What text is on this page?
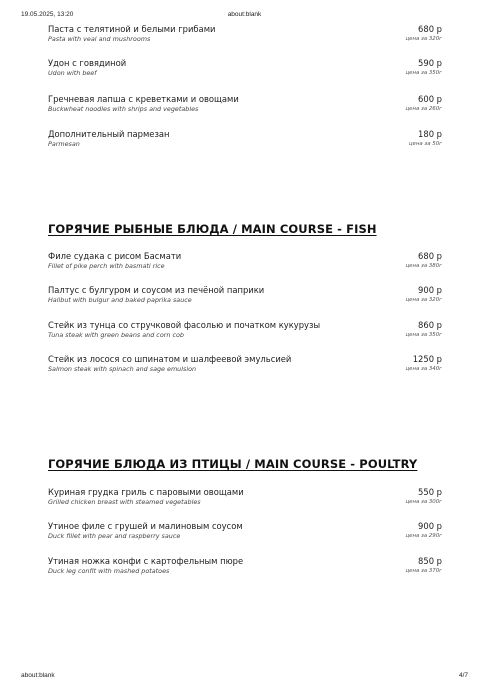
19.05.2025, 13:20	about:blank
Паста с телятиной и белыми грибами	680 р
Pasta with veal and mushrooms	цена за 320г
Удон с говядиной	590 р
Udon with beef	цена за 350г
Гречневая лапша с креветками и овощами	600 р
Buckwheat noodles with shrips and vegetables	цена за 260г
Дополнительный пармезан	180 р
Parmesan	цена за 50г
ГОРЯЧИЕ РЫБНЫЕ БЛЮДА / MAIN COURSE - FISH
Филе судака с рисом Басмати	680 р
Fillet of pike perch with basmati rice	цена за 380г
Палтус с булгуром и соусом из печёной паприки	900 р
Halibut with bulgur and baked paprika sauce	цена за 320г
Стейк из тунца со стручковой фасолью и початком кукурузы	860 р
Tuna steak with green beans and corn cob	цена за 350г
Стейк из лосося со шпинатом и шалфеевой эмульсией	1250 р
Salmon steak with spinach and sage emulsion	цена за 340г
ГОРЯЧИЕ БЛЮДА ИЗ ПТИЦЫ / MAIN COURSE - POULTRY
Куриная грудка гриль с паровыми овощами	550 р
Grilled chicken breast with steamed vegetables	цена за 300г
Утиное филе с грушей и малиновым соусом	900 р
Duck fillet with pear and raspberry sauce	цена за 290г
Утиная ножка конфи с картофельным пюре	850 р
Duck leg confit with mashed potatoes	цена за 370г
about:blank	4/7
